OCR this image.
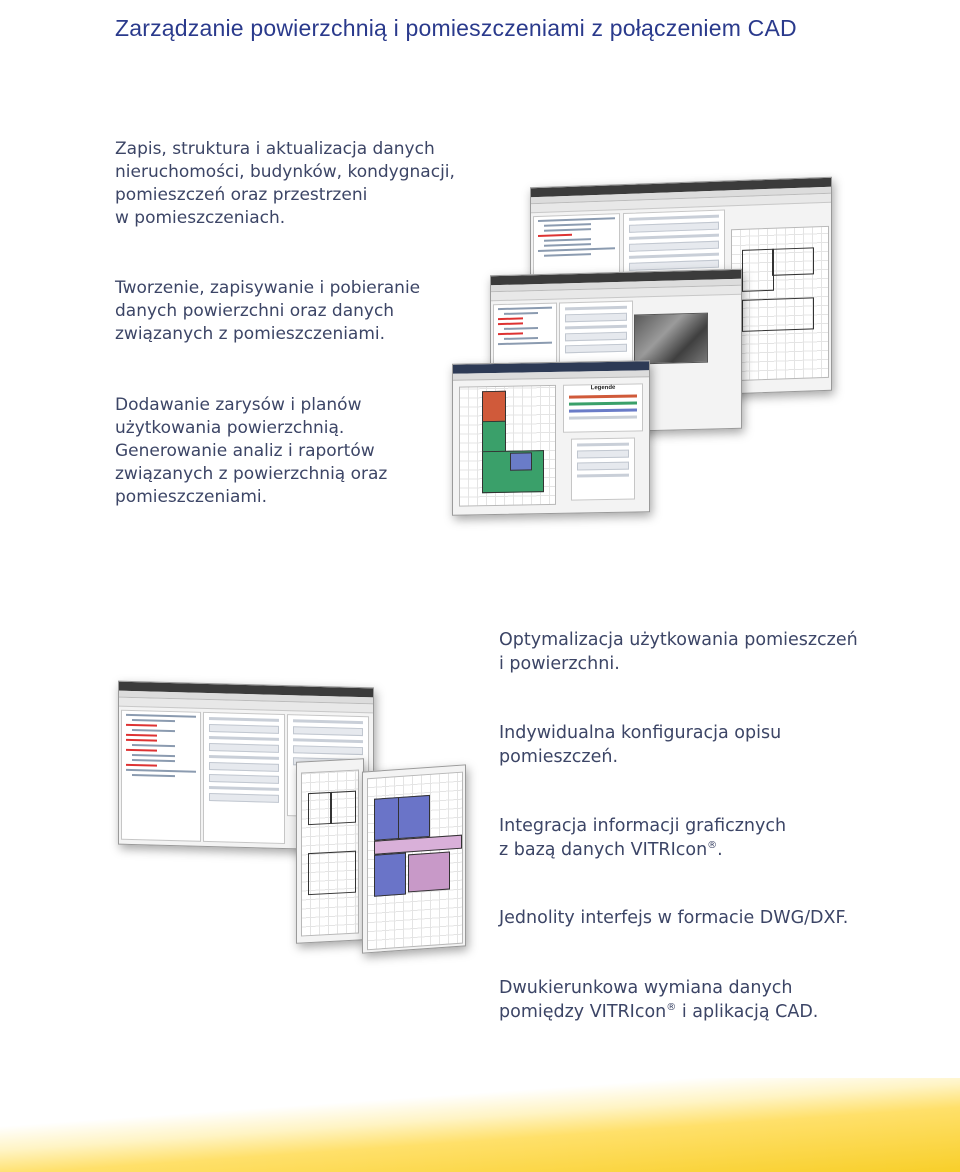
Zarządzanie powierzchnią i pomieszczeniami z połączeniem CAD
Zapis, struktura i aktualizacja danych
nieruchomości, budynków, kondygnacji,
pomieszczeń oraz przestrzeni
w pomieszczeniach.
Tworzenie, zapisywanie i pobieranie
danych powierzchni oraz danych
związanych z pomieszczeniami.
Dodawanie zarysów i planów
użytkowania powierzchnią.
Generowanie analiz i raportów
związanych z powierzchnią oraz
pomieszczeniami.
Legende
Optymalizacja użytkowania pomieszczeń
i powierzchni.
Indywidualna konfiguracja opisu
pomieszczeń.
Integracja informacji graficznych
z bazą danych VITRIcon®.
Jednolity interfejs w formacie DWG/DXF.
Dwukierunkowa wymiana danych
pomiędzy VITRIcon® i aplikacją CAD.
